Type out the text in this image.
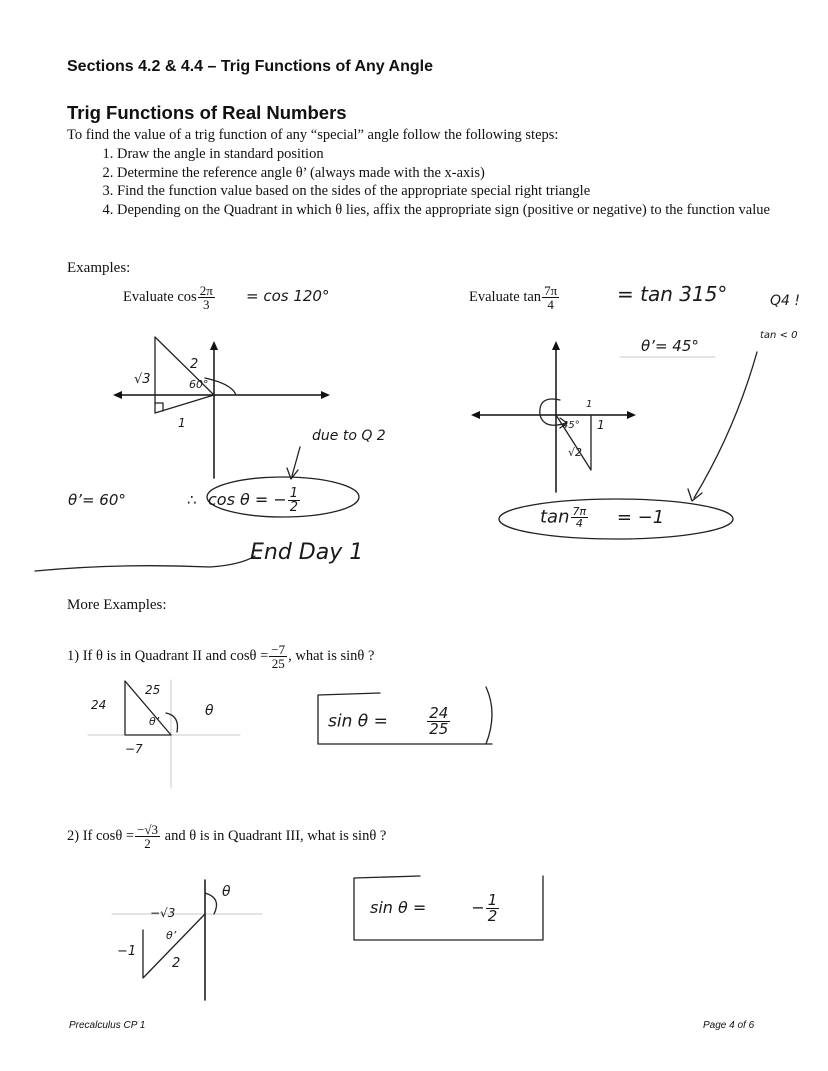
Sections 4.2 & 4.4 – Trig Functions of Any Angle
Trig Functions of Real Numbers
To find the value of a trig function of any “special” angle follow the following steps:
1. Draw the angle in standard position
2. Determine the reference angle θ’ (always made with the x-axis)
3. Find the function value based on the sides of the appropriate special right triangle
4. Depending on the Quadrant in which θ lies, affix the appropriate sign (positive or negative) to the function value
Examples:
Evaluate $\cos \frac{2\pi}{3}$	Evaluate $\tan \frac{7\pi}{4}$
More Examples:
1) If θ is in Quadrant II and $\cos\theta = \frac{-7}{25}$ , what is sinθ ?
2) If $\cos\theta = \frac{-√3}{2}$ and θ is in Quadrant III, what is sinθ ?
Precalculus CP 1	Page 4 of 6
= cos 120°
√3
2
1
60°
due to Q 2
θ’= 60°	∴ cos θ = − $\frac{1}{2}$
End Day 1
= tan 315°	Q4 !
tan < 0
θ’= 45°
45°
1
1
√2
$\tan \frac{7\pi}{4} = -1$
24
25
−7
θ’
θ
sin θ =	$\frac{24}{25}$
−√3
−1
2
θ’
θ
sin θ =	− $\frac{1}{2}$
